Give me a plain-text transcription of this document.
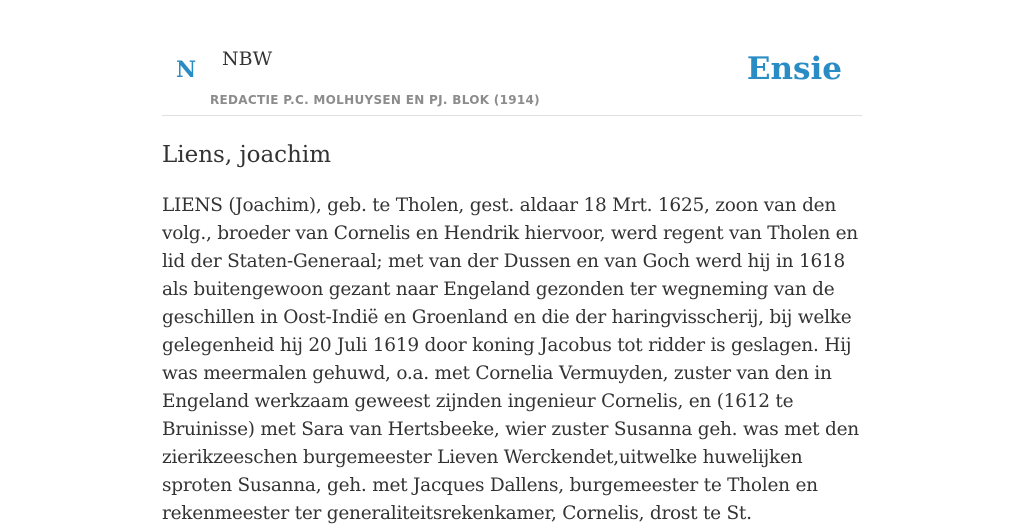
N NBW
REDACTIE P.C. MOLHUYSEN EN PJ. BLOK (1914)
Ensie
Liens, joachim

LIENS (Joachim), geb. te Tholen, gest. aldaar 18 Mrt. 1625, zoon van den volg., broeder van Cornelis en Hendrik hiervoor, werd regent van Tholen en lid der Staten-Generaal; met van der Dussen en van Goch werd hij in 1618 als buitengewoon gezant naar Engeland gezonden ter wegneming van de geschillen in Oost-Indië en Groenland en die der haringvisscherij, bij welke gelegenheid hij 20 Juli 1619 door koning Jacobus tot ridder is geslagen. Hij was meermalen gehuwd, o.a. met Cornelia Vermuyden, zuster van den in Engeland werkzaam geweest zijnden ingenieur Cornelis, en (1612 te Bruinisse) met Sara van Hertsbeeke, wier zuster Susanna geh. was met den zierikzeeschen burgemeester Lieven Werckendet,uitwelke huwelijken sproten Susanna, geh. met Jacques Dallens, burgemeester te Tholen en rekenmeester ter generaliteitsrekenkamer, Cornelis, drost te St.
